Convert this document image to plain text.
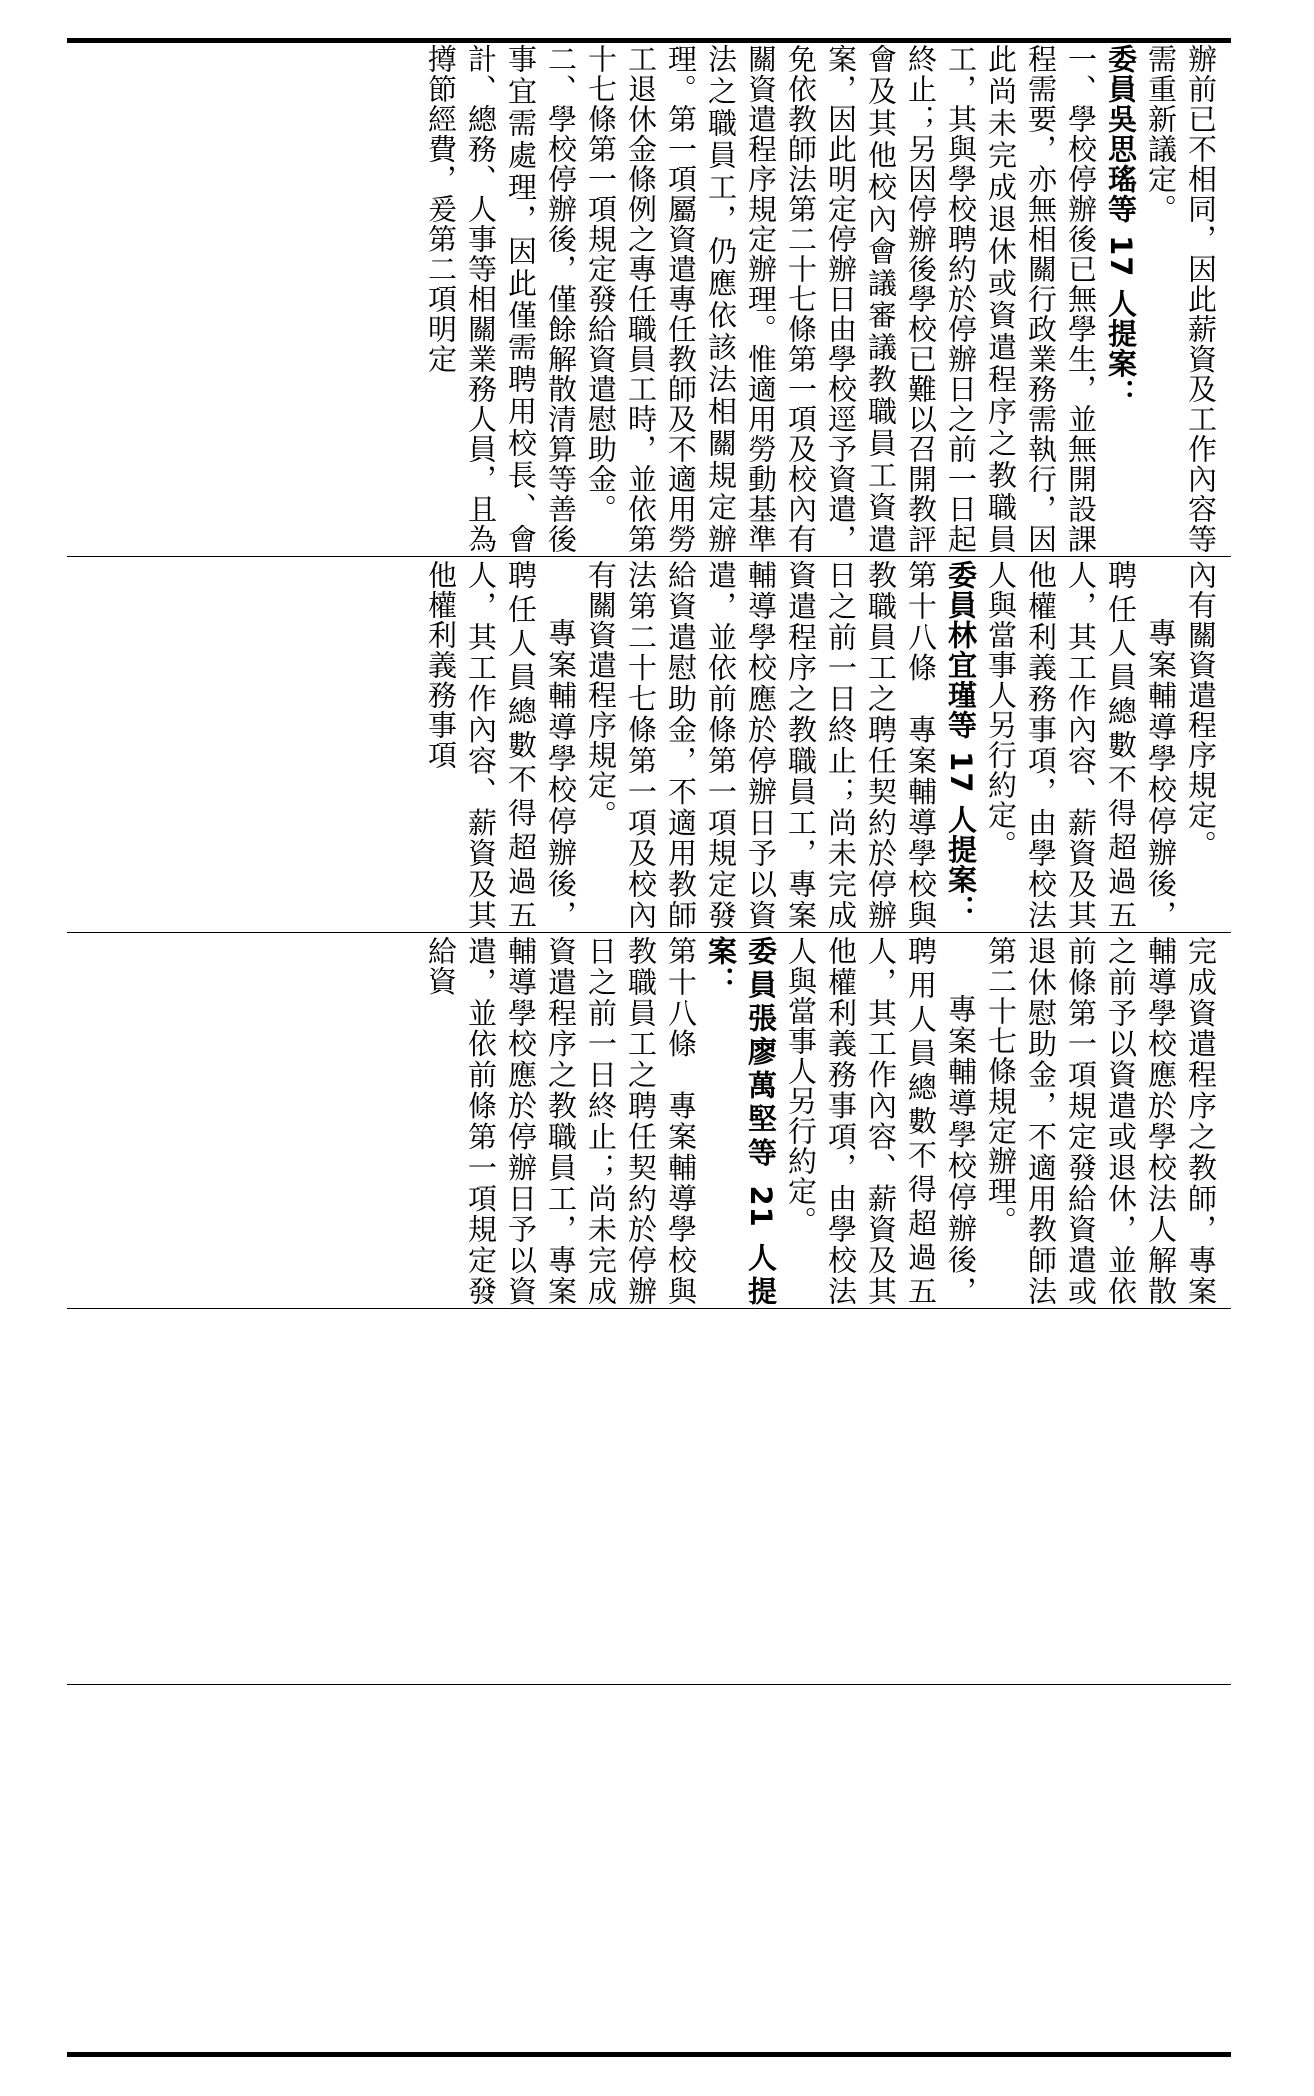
辦前已不相同，因此薪資及工作內容等需重新議定。

委員吳思瑤等 17 人提案：

一、學校停辦後已無學生，並無開設課程需要，亦無相關行政業務需執行，因此尚未完成退休或資遣程序之教職員工，其與學校聘約於停辦日之前一日起終止；另因停辦後學校已難以召開教評會及其他校內會議審議教職員工資遣案，因此明定停辦日由學校逕予資遣，免依教師法第二十七條第一項及校內有關資遣程序規定辦理。惟適用勞動基準法之職員工，仍應依該法相關規定辦理。第一項屬資遣專任教師及不適用勞工退休金條例之專任職員工時，並依第十七條第一項規定發給資遣慰助金。

二、學校停辦後，僅餘解散清算等善後事宜需處理，因此僅需聘用校長、會計、總務、人事等相關業務人員，且為撙節經費，爰第二項明定

內有關資遣程序規定。

專案輔導學校停辦後，聘任人員總數不得超過五人，其工作內容、薪資及其他權利義務事項，由學校法人與當事人另行約定。

委員林宜瑾等 17 人提案：

第十八條　專案輔導學校與教職員工之聘任契約於停辦日之前一日終止；尚未完成資遣程序之教職員工，專案輔導學校應於停辦日予以資遣，並依前條第一項規定發給資遣慰助金，不適用教師法第二十七條第一項及校內有關資遣程序規定。

專案輔導學校停辦後，聘任人員總數不得超過五人，其工作內容、薪資及其他權利義務事項

完成資遣程序之教師，專案輔導學校應於學校法人解散之前予以資遣或退休，並依前條第一項規定發給資遣或退休慰助金，不適用教師法第二十七條規定辦理。

專案輔導學校停辦後，聘用人員總數不得超過五人，其工作內容、薪資及其他權利義務事項，由學校法人與當事人另行約定。

委員張廖萬堅等 21 人提案：

第十八條　專案輔導學校與教職員工之聘任契約於停辦日之前一日終止；尚未完成資遣程序之教職員工，專案輔導學校應於停辦日予以資遣，並依前條第一項規定發給資
